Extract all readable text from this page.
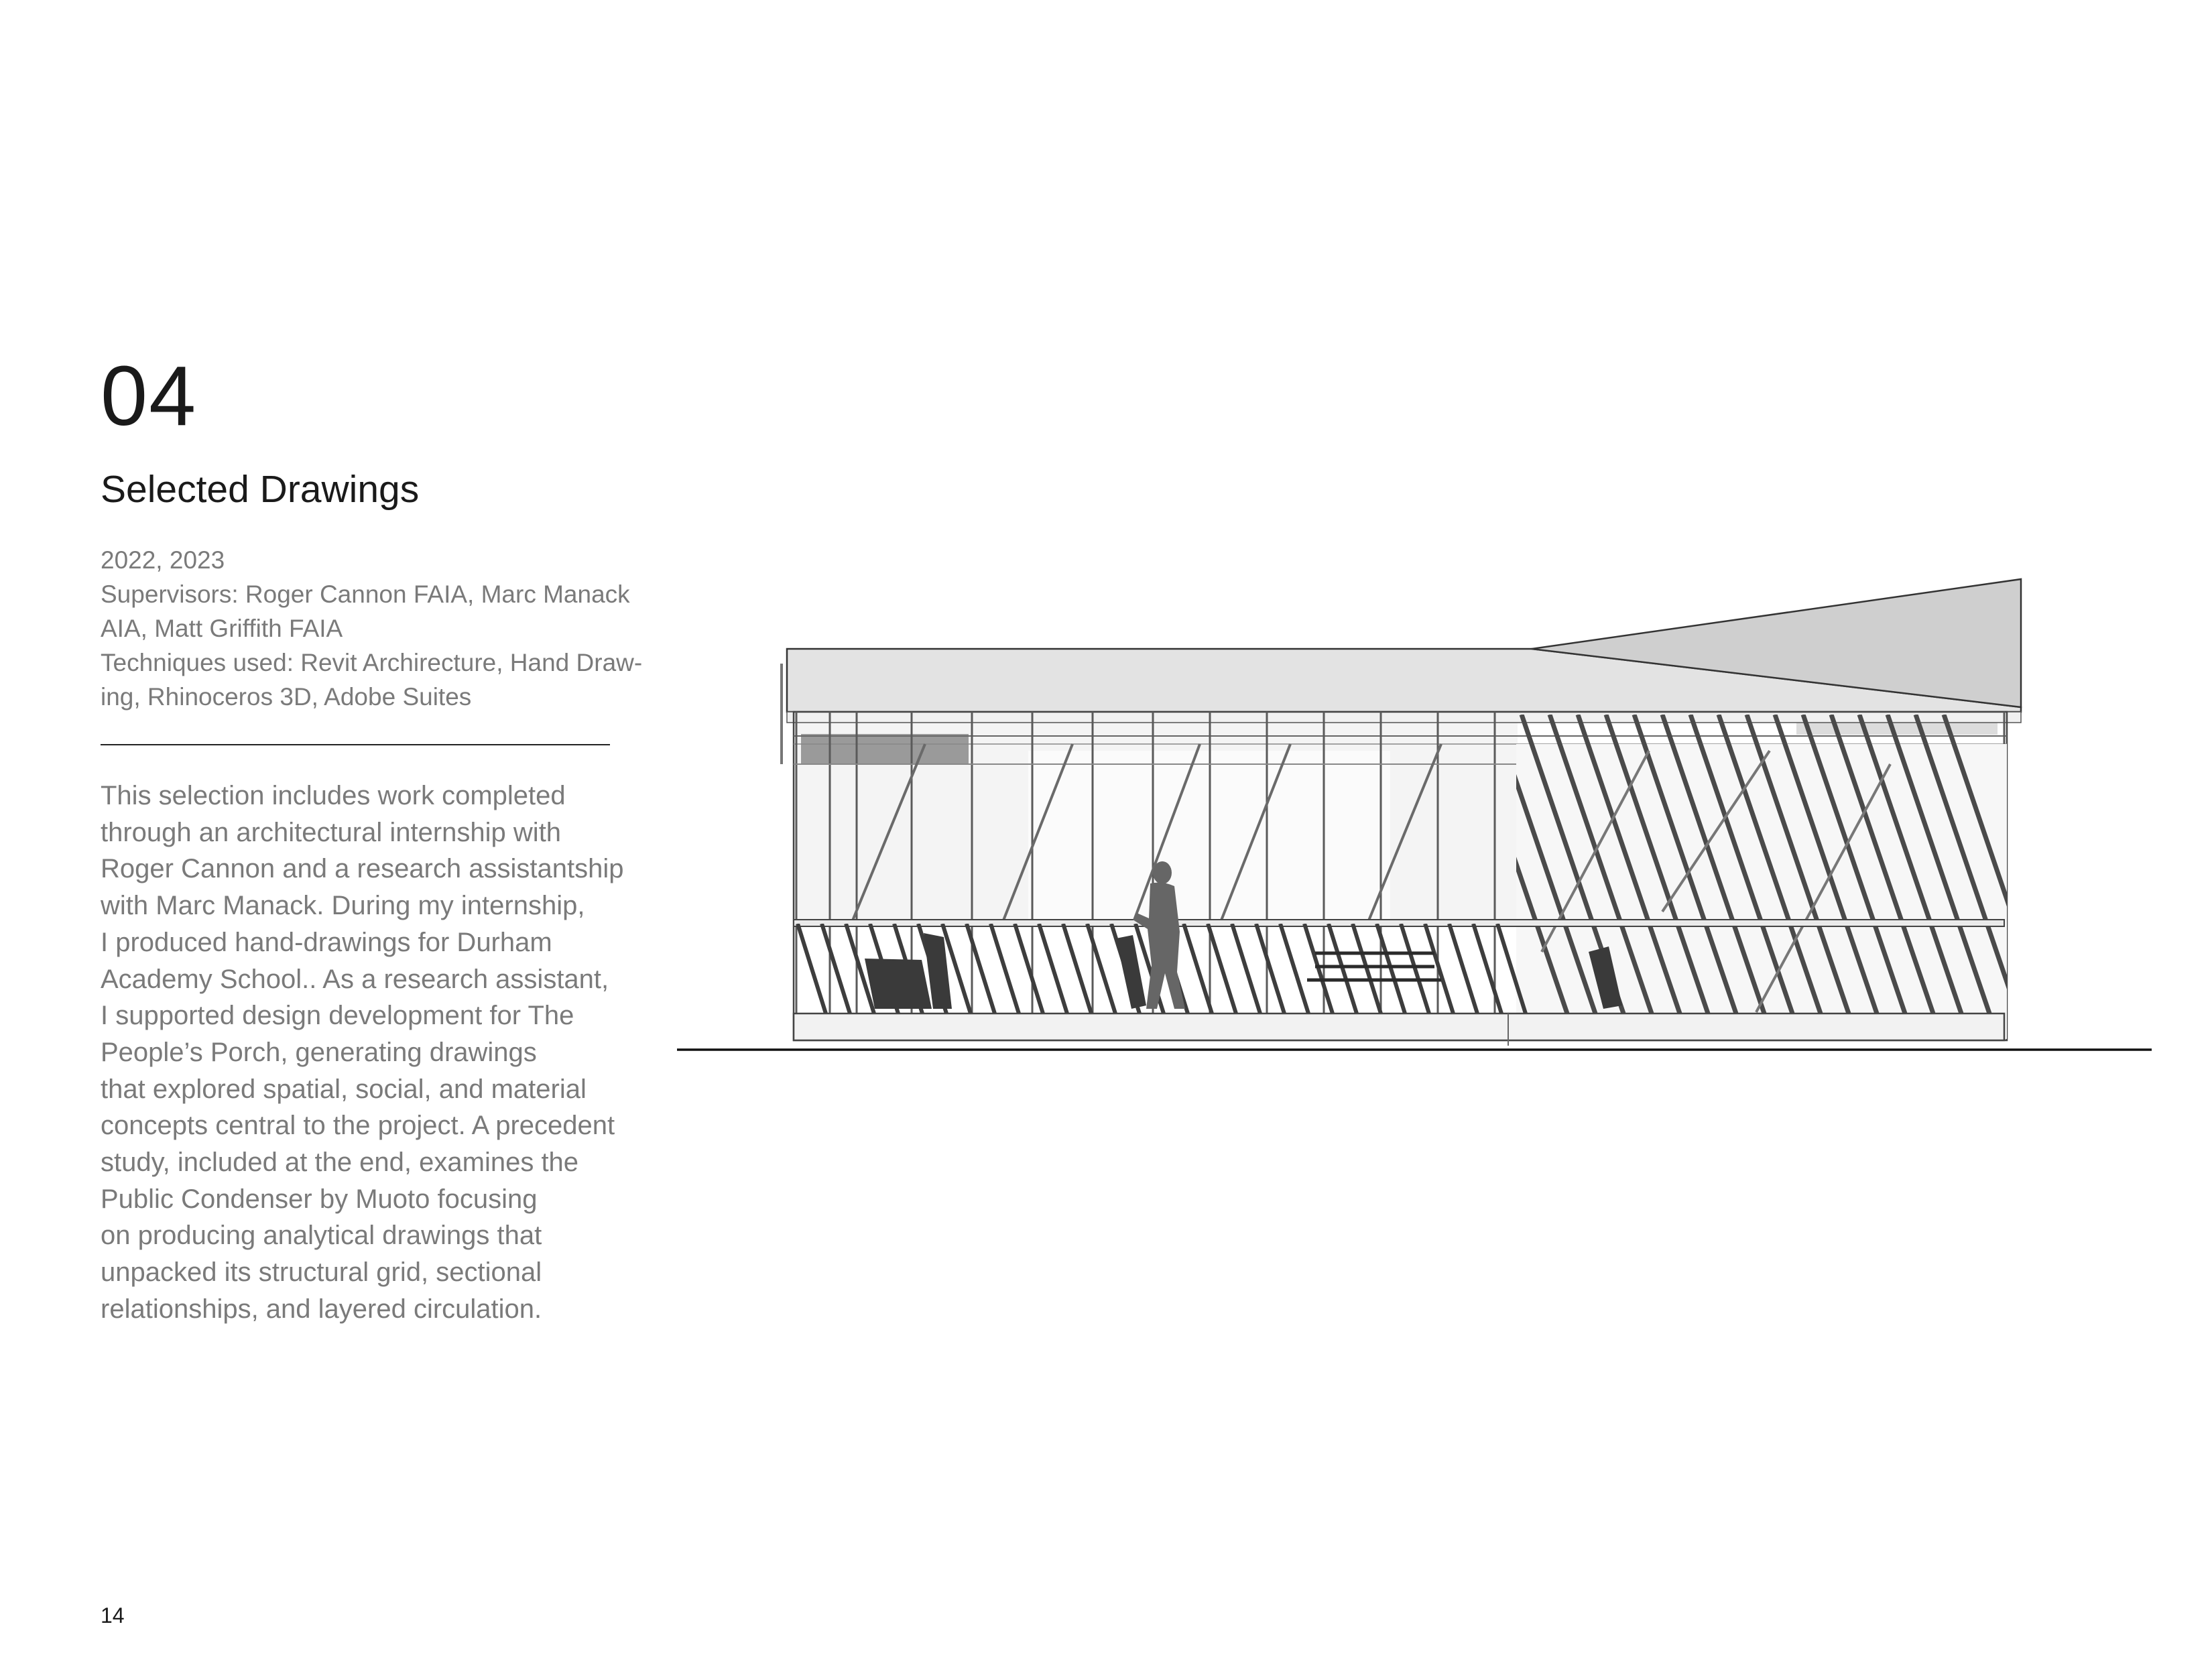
04
Selected Drawings
2022, 2023
Supervisors: Roger Cannon FAIA, Marc Manack
AIA, Matt Griffith FAIA
Techniques used: Revit Archirecture, Hand Draw-
ing, Rhinoceros 3D, Adobe Suites
This selection includes work completed
through an architectural internship with
Roger Cannon and a research assistantship
with Marc Manack. During my internship,
I produced hand-drawings for Durham
Academy School.. As a research assistant,
I supported design development for The
People’s Porch, generating drawings
that explored spatial, social, and material
concepts central to the project. A precedent
study, included at the end, examines the
Public Condenser by Muoto focusing
on producing analytical drawings that
unpacked its structural grid, sectional
relationships, and layered circulation.
14
